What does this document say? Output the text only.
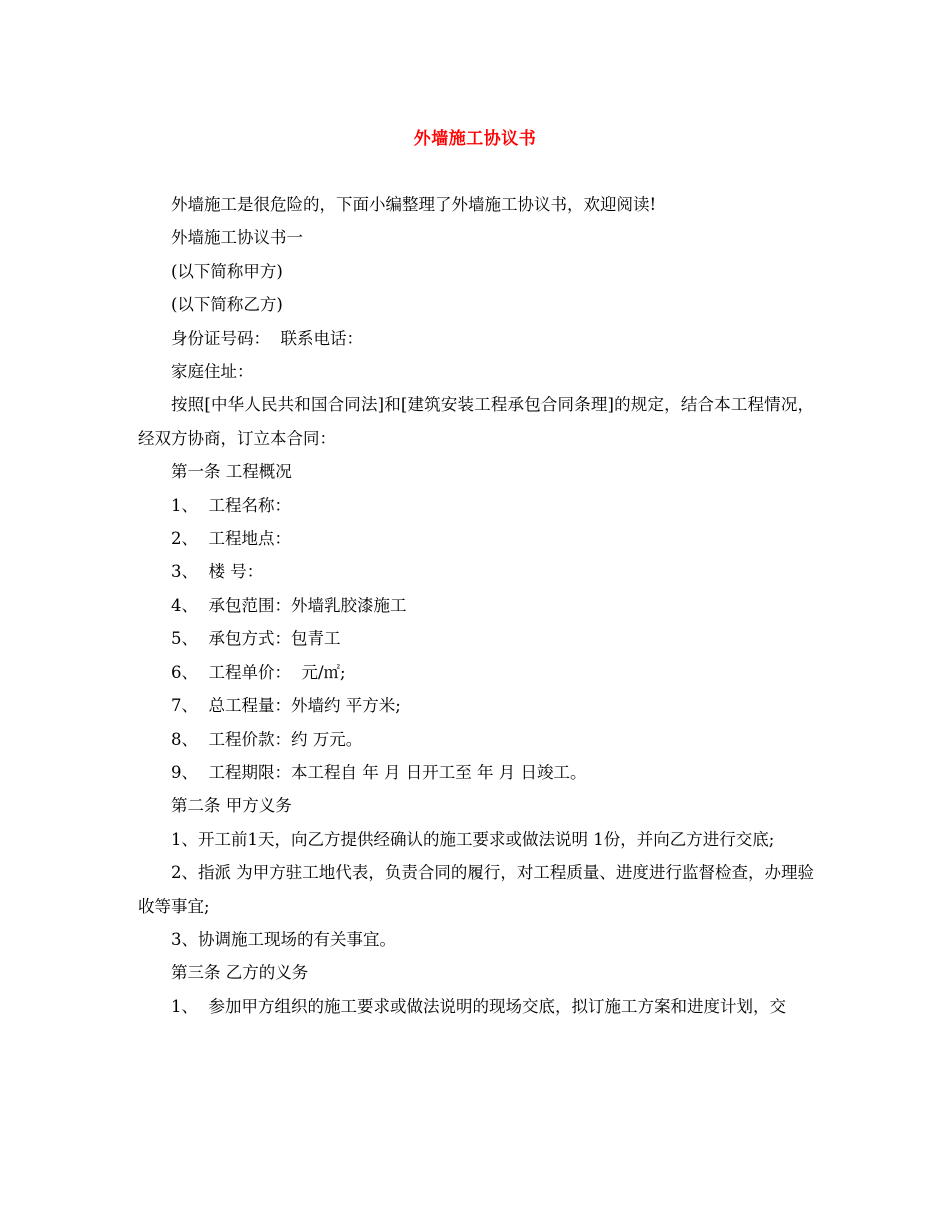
外墙施工协议书

外墙施工是很危险的，下面小编整理了外墙施工协议书，欢迎阅读!

外墙施工协议书一

(以下简称甲方)

(以下简称乙方)

身份证号码：  联系电话：

家庭住址：

按照[中华人民共和国合同法]和[建筑安装工程承包合同条理]的规定，结合本工程情况，经双方协商，订立本合同：

第一条 工程概况

1、  工程名称：

2、  工程地点：

3、  楼 号：

4、  承包范围：外墙乳胶漆施工

5、  承包方式：包青工

6、  工程单价：  元/㎡;

7、  总工程量：外墙约 平方米;

8、  工程价款：约 万元。

9、  工程期限：本工程自 年 月 日开工至 年 月 日竣工。

第二条 甲方义务

1、开工前1天，向乙方提供经确认的施工要求或做法说明 1份，并向乙方进行交底;

2、指派 为甲方驻工地代表，负责合同的履行，对工程质量、进度进行监督检查，办理验收等事宜;

3、协调施工现场的有关事宜。

第三条 乙方的义务

1、  参加甲方组织的施工要求或做法说明的现场交底，拟订施工方案和进度计划，交
